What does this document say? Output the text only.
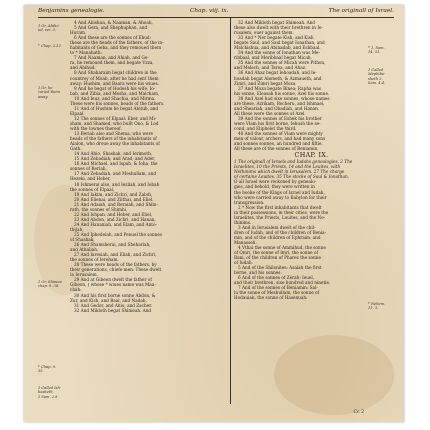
Benjamins genealogie.	Chap. viij. ix.	The originall of Israel.
1 Or, Abiho-
ud, ver. 3.
* Chap. 2.52.
1 Or, he
caried them
away.
1 Or, Shimea
chap. 9. 38.
* Chap. 9.
35.
1 Called Ish-
bosheth,
2 Sam. 2.8.
* 1. Sam.
14. 51.
1 Called
Mephibo-
sheth 2.
Sam. 4.4.
* Nehem.
11. 3.
4 And Abishua, & Naaman, & Ahoah,
5 And Gera, and Shephuphan, and
Huram.
6 And these are the sonnes of Ehud:
these are the heads of the fathers, of the in-
habitants of Geba, and they remoued them
to * Manahath:
7 And Naaman, and Ahiah, and Ge-
ra, he remoued them, and begate Vzza,
and Ahihud.
8 And Shaharaim begat children in the
countrey of Moab, after he had sent them
away: Hushim, and Baara were his wiues.
9 And he begat of Hodesh his wife, Io-
bab, and Zibia, and Mesha, and Malcham,
10 And Ieuz, and Shachia, and Mirma.
These were his sonnes, heads of the fathers.
11 And of Hushim he begat Abitub, and
Elpaal.
12 The sonnes of Elpaal: Eber, and Mi-
sham, and Shamed, who built Ono, & Lod
with the townes thereof.
13 Beriah also and Shema, who were
heads of the fathers of the inhabitants of
Aialon, who droue away the inhabitants of
Gath.
14 And Ahio, Shashak, and Ierimoth,
15 And Zebadiah, and Arad, and Ader,
16 And Michael, and Ispah, & Ioha, the
sonnes of Beriah,
17 And Zebadiah, and Meshullam, and
Hezeki, and Heber,
18 Ishmerai also, and Iezliah, and Iobab
the sonnes of Elpaal,
19 And Iakim, and Zichri, and Zabdi,
20 And Elienai, and Zilthai, and Eliel,
21 And Adaiah, and Beraiah, and Shim-
rath, the sonnes of Shimhi,
22 And Ishpan, and Heber, and Eliel,
23 And Abdon, and Zichri, and Hanan,
24 And Hananiah, and Elam, and Anto-
thijah,
25 And Iphedeiah, and Penuel the sonnes
of Shashak,
26 And Shamsherai, and Shehariah,
and Athaliah,
27 And Iaresiah, and Eliah, and Zichri,
the sonnes of Ieroham.
28 These were heads of the fathers, by
their generations, chiefe men: These dwelt
in Ierusalem.
29 And at Gibeon dwelt the father of
Gibeon, ( whose * wiues name was Maa-
chah:
30 And his first borne sonne Abdon, &
Zur, and Kish, and Baal, and Nadab,
31 And Gedor, and Ahio, and Zacher.
32 And Mikloth begat Shimeah. And
32 And Mikloth begat Shimeah. And
these also dwelt with their brethren in Ie-
rusalem, ouer against them.
33 And * Ner begate Kish, and Kish
begate Saul, and Saul begat Ionathan, and
Malchishua, and Abinadab, and Eshbaal.
34 And the sonne of Ionathan was Me-
ribbaal, and Meribbaal begat Micah.
35 And the sonnes of Micah were Pithon,
and Melech, and Tarea, and Ahaz.
36 And Ahaz begat Iehoadah, and Ie-
hoadah begat Alemeth, & Azmaueth, and
Zimri, and Zimri begat Moza.
37 And Moza begate Binea; Rapha was
his sonne, Eleasah his sonne, Azel his sonne.
38 And Azel had sixe sonnes, whose names
are these, Azrikam, Bocheru, and Ishmael,
and Sheariah, and Obadiah, and Hanan.
All these were the sonnes of Azel.
39 And the sonnes of Eshek his brother
were Vlam his first borne, Iehush the se-
cond, and Eliphelet the third.
40 And the sonnes of Vlam were mighty
men of valour, archers, and had many sons
and sonnes sonnes, an hundred and fiftie.
All these are of the sonnes of Beniamin.
CHAP. IX.
1 The originall of Israels and Iudahs genealogies. 2 The
Israelites, 10 the Priests, 14 and the Leuites, with
Nethinims which dwelt in Ierusalem. 27 The charge
of certaine Leuites. 35 The stocke of Saul & Ionathan.
O all Israel were reckoned by genealo-
gies, and behold, they were written in
the booke of the Kings of Israel and Iudah,
who were carried away to Babylon for their
transgression.
2 * Now the first inhabitants that dwelt
in their possessions, in their cities, were the
Israelites, the Priests, Leuites, and the Ne-
thinims.
3 And in Ierusalem dwelt of the chil-
dren of Iudah, and of the children of Benia-
min, and of the children of Ephraim, and
Manasseh.
4 Vthai the sonne of Ammihud, the sonne
of Omri, the sonne of Imri, the sonne of
Bani, of the children of Pharez the sonne
of Iudah.
5 And of the Shilonites: Asaiah the first
borne, and his sonnes.
6 And of the sonnes of Zerah: Ieuel,
and their brethren, sixe hundred and ninetie.
7 And of the sonnes of Beniamin: Sal-
lu the sonne of Meshullam, the sonne of
Hodauiah, the sonne of Hasenuah:
Cc 2
